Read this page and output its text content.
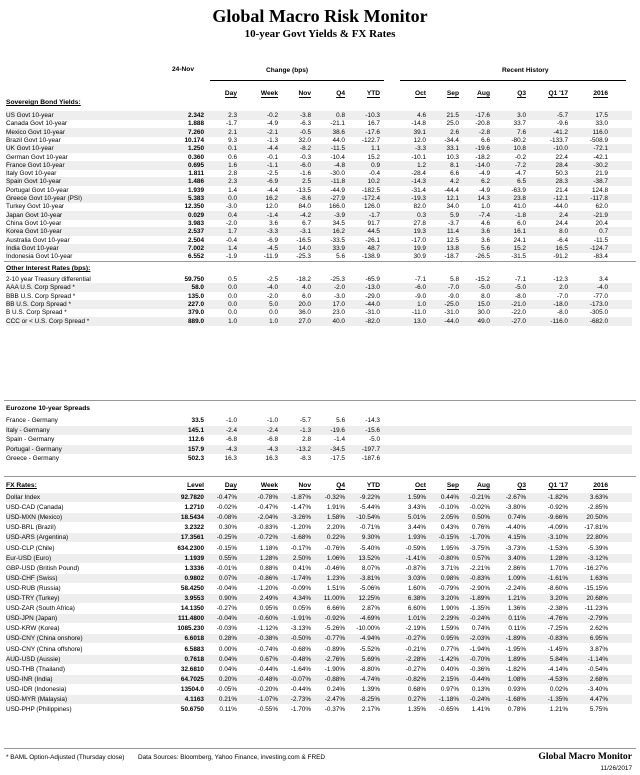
Global Macro Risk Monitor
10-year Govt Yields & FX Rates
24-Nov	Change (bps)	Recent History
Day	Week	Nov	Q4	YTD	Oct	Sep	Aug	Q3	Q1 '17	2016
Sovereign Bond Yields:
US Govt 10-year	2.342	2.3	-0.2	-3.8	0.8	-10.3	4.6	21.5	-17.6	3.0	-5.7	17.5
Canada Govt 10-year	1.888	-1.7	-4.9	-6.3	-21.1	16.7	-14.8	25.0	-20.8	33.7	-9.6	33.0
Mexico Govt 10-year	7.260	2.1	-2.1	-0.5	38.6	-17.6	39.1	2.6	-2.8	7.6	-41.2	116.0
Brazil Govt 10-year	10.174	9.3	-1.3	32.0	44.0	-122.7	12.0	-34.4	6.6	-80.2	-133.7	-508.9
UK Govt 10-year	1.250	0.1	-4.4	-8.2	-11.5	1.1	-3.3	33.1	-19.6	10.8	-10.0	-72.1
German Govt 10-year	0.360	0.6	-0.1	-0.3	-10.4	15.2	-10.1	10.3	-18.2	-0.2	22.4	-42.1
France Govt 10-year	0.695	1.6	-1.1	-6.0	-4.8	0.9	1.2	8.1	-14.0	-7.2	28.4	-30.2
Italy Govt 10-year	1.811	2.8	-2.5	-1.6	-30.0	-0.4	-28.4	6.6	-4.9	-4.7	50.3	21.9
Spain Govt 10-year	1.486	2.3	-6.9	2.5	-11.8	10.2	-14.3	4.2	6.2	6.5	28.3	-38.7
Portugal Govt 10-year	1.939	1.4	-4.4	-13.5	-44.9	-182.5	-31.4	-44.4	-4.9	-63.9	21.4	124.8
Greece Govt 10-year (PSI)	5.383	0.0	16.2	-8.6	-27.9	-172.4	-19.3	12.1	14.3	23.8	-12.1	-117.8
Turkey Govt 10-year	12.350	-3.0	12.0	84.0	166.0	126.0	82.0	34.0	1.0	41.0	-44.0	62.0
Japan Govt 10-year	0.029	0.4	-1.4	-4.2	-3.9	-1.7	0.3	5.9	-7.4	-1.8	2.4	-21.9
China Govt 10-year	3.983	-2.0	3.6	6.7	34.5	91.7	27.8	-3.7	4.6	6.0	24.4	20.4
Korea Govt 10-year	2.537	1.7	-3.3	-3.1	16.2	44.5	19.3	11.4	3.6	16.1	8.0	0.7
Australia Govt 10-year	2.504	-0.4	-6.9	-16.5	-33.5	-26.1	-17.0	12.5	3.6	24.1	-6.4	-11.5
India Govt 10-year	7.002	1.4	-4.5	14.0	33.9	48.7	19.9	13.8	5.6	15.2	16.5	-124.7
Indonesia Govt 10-year	6.552	-1.9	-11.9	-25.3	5.6	-138.9	30.9	-18.7	-26.5	-31.5	-91.2	-83.4
Other Interest Rates (bps):
2-10 year Treasury differential	59.750	0.5	-2.5	-18.2	-25.3	-65.9	-7.1	5.8	-15.2	-7.1	-12.3	3.4
AAA U.S. Corp Spread *	58.0	0.0	-4.0	4.0	-2.0	-13.0	-6.0	-7.0	-5.0	-5.0	2.0	-4.0
BBB U.S. Corp Spread *	135.0	0.0	-2.0	6.0	-3.0	-29.0	-9.0	-9.0	8.0	-8.0	-7.0	-77.0
BB U.S. Corp Spread *	227.0	0.0	5.0	20.0	17.0	-44.0	1.0	-25.0	15.0	-21.0	-18.0	-173.0
B U.S. Corp Spread *	379.0	0.0	0.0	36.0	23.0	-31.0	-11.0	-31.0	30.0	-22.0	-8.0	-305.0
CCC or < U.S. Corp Spread *	889.0	1.0	1.0	27.0	40.0	-82.0	13.0	-44.0	49.0	-27.0	-116.0	-682.0
Eurozone 10-year Spreads
France - Germany	33.5	-1.0	-1.0	-5.7	5.6	-14.3
Italy - Germany	145.1	-2.4	-2.4	-1.3	-19.6	-15.6
Spain - Germany	112.6	-6.8	-6.8	2.8	-1.4	-5.0
Portugal - Germany	157.9	-4.3	-4.3	-13.2	-34.5	-197.7
Greece - Germany	502.3	16.3	16.3	-8.3	-17.5	-187.6
FX Rates:	Level	Day	Week	Nov	Q4	YTD	Oct	Sep	Aug	Q3	Q1 '17	2016
Dollar Index	92.7820 -0.47%	-0.78% -1.87% -0.32% -9.22%	1.59% 0.44% -0.21% -2.67%	-1.82%	3.63%
USD-CAD (Canada)	1.2710 -0.02%	-0.47% -1.47% 1.91% -5.44%	3.43% -0.10% -0.02% -3.80%	-0.92%	-2.85%
USD-MXN (Mexico)	18.5434 -0.08%	-2.04% -3.26% 1.58% -10.54%	5.01% 2.05% 0.50%	0.74%	-9.66%	20.50%
USD-BRL (Brazil)	3.2322 0.30%	-0.83% -1.20% 2.20% -0.71%	3.44% 0.43% 0.76% -4.40%	-4.09%	-17.81%
USD-ARS (Argentina)	17.3561 -0.25%	-0.72% -1.68% 0.22%	9.30%	1.93% -0.15% -1.70%	4.15%	-3.10%	22.80%
USD-CLP (Chile)	634.2300 -0.15%	1.18% -0.17% -0.76% -5.40%	-0.59% 1.95% -3.75% -3.73%	-1.53%	-5.39%
Eur-USD (Euro)	1.1939 0.55%	1.28% 2.50% 1.06% 13.52%	-1.41% -0.80% 0.57%	3.40%	1.28%	-3.12%
GBP-USD (British Pound)	1.3336 -0.01%	0.88% 0.41% -0.46%	8.07%	-0.87% 3.71% -2.21%	2.86%	1.70%	-16.27%
USD-CHF (Swiss)	0.9802 0.07%	-0.86% -1.74% 1.23% -3.81%	3.03% 0.98% -0.83%	1.09%	-1.61%	1.63%
USD-RUB (Russia)	58.4250 -0.04%	-1.20% -0.09% 1.51% -5.06%	1.60% -0.79% -2.90% -2.24%	-8.60%	-15.15%
USD-TRY (Turkey)	3.9553 0.90%	2.49% 4.34% 11.00% 12.25%	6.38% 3.20% -1.89%	1.21%	3.20%	20.68%
USD-ZAR (South Africa)	14.1350 -0.27%	0.95% 0.05% 6.66%	2.87%	6.60% 1.90% -1.35%	1.36%	-2.38%	-11.23%
USD-JPN (Japan)	111.4800 -0.04%	-0.60% -1.91% -0.92% -4.69%	1.01% 2.29% -0.24%	0.11%	-4.76%	-2.79%
USD-KRW (Korea)	1085.230 -0.03%	-1.12% -3.13% -5.26% -10.00%	-2.19% 1.59% 0.74%	0.11%	-7.25%	2.62%
USD-CNY (China onshore)	6.6018 0.28%	-0.38% -0.50% -0.77% -4.94%	-0.27% 0.95% -2.03% -1.89%	-0.83%	6.95%
USD-CNY (China offshore)	6.5883 0.00%	-0.74% -0.68% -0.89% -5.52%	-0.21% 0.77% -1.94% -1.95%	-1.45%	3.87%
AUD-USD (Aussie)	0.7618 0.04%	0.67% -0.48% -2.76%	5.69%	-2.28% -1.42% -0.70%	1.89%	5.84%	-1.14%
USD-THB (Thailand)	32.6810 0.04%	-0.44% -1.64% -1.90% -8.80%	-0.27% 0.40% -0.36% -1.82%	-4.14%	-0.54%
USD-INR (India)	64.7025 0.20%	-0.48% -0.07% -0.88% -4.74%	-0.82% 2.15% -0.44%	1.08%	-4.53%	2.68%
USD-IDR (Indonesia)	13504.0 -0.05%	-0.20% -0.44% 0.24%	1.39%	0.68% 0.97% 0.13%	0.93%	0.02%	-3.40%
USD-MYR (Malaysia)	4.1163 0.21%	-1.07% -2.73% -2.47% -8.25%	0.27% -1.18% -0.24% -1.68%	-1.35%	4.47%
USD-PHP (Philippines)	50.6750 0.11%	-0.55% -1.70% -0.37%	2.17%	1.35% -0.65% 1.41%	0.78%	1.21%	5.75%
* BAML Option-Adjusted (Thursday close) Data Sources: Bloomberg, Yahoo Finance, investing.com & FRED	Global Macro Monitor
11/26/2017
